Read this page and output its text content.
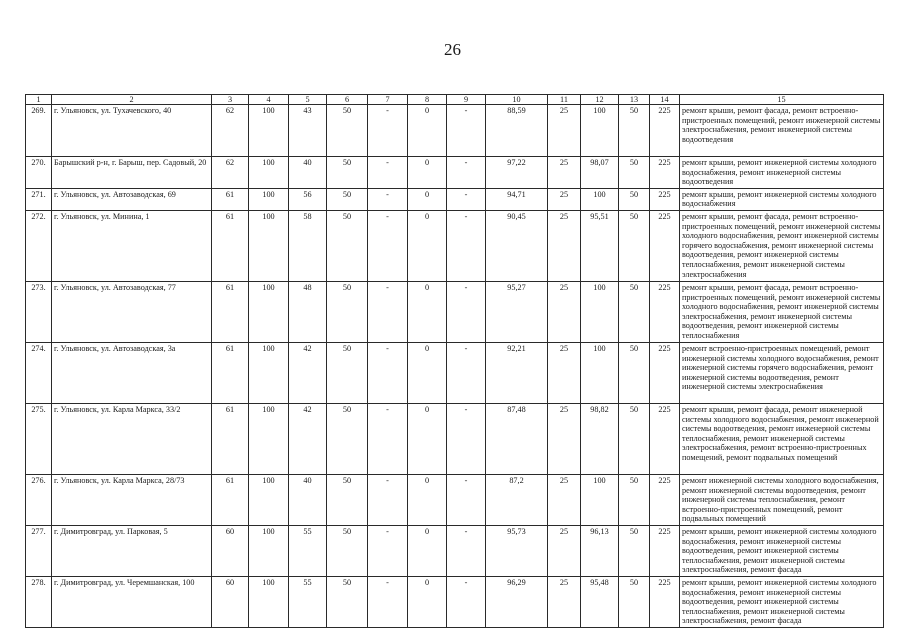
26
1	2	3	4	5	6	7	8	9	10	11	12	13	14	15
269.	г. Ульяновск, ул. Тухачевского, 40	62	100	43	50	-	0	-	88,59	25	100	50	225	ремонт крыши, ремонт фасада, ремонт встроенно-пристроенных помещений, ремонт инженерной системы электроснабжения, ремонт инженерной системы водоотведения
270.	Барышский р-н, г. Барыш, пер. Садовый, 20	62	100	40	50	-	0	-	97,22	25	98,07	50	225	ремонт крыши, ремонт инженерной системы холодного водоснабжения, ремонт инженерной системы водоотведения
271.	г. Ульяновск, ул. Автозаводская, 69	61	100	56	50	-	0	-	94,71	25	100	50	225	ремонт крыши, ремонт инженерной системы холодного водоснабжения
272.	г. Ульяновск, ул. Минина, 1	61	100	58	50	-	0	-	90,45	25	95,51	50	225	ремонт крыши, ремонт фасада, ремонт встроенно-пристроенных помещений, ремонт инженерной системы холодного водоснабжения, ремонт инженерной системы горячего водоснабжения, ремонт инженерной системы водоотведения, ремонт инженерной системы теплоснабжения, ремонт инженерной системы электроснабжения
273.	г. Ульяновск, ул. Автозаводская, 77	61	100	48	50	-	0	-	95,27	25	100	50	225	ремонт крыши, ремонт фасада, ремонт встроенно-пристроенных помещений, ремонт инженерной системы холодного водоснабжения, ремонт инженерной системы электроснабжения, ремонт инженерной системы водоотведения, ремонт инженерной системы теплоснабжения
274.	г. Ульяновск, ул. Автозаводская, 3а	61	100	42	50	-	0	-	92,21	25	100	50	225	ремонт встроенно-пристроенных помещений, ремонт инженерной системы холодного водоснабжения, ремонт инженерной системы горячего водоснабжения, ремонт инженерной системы водоотведения, ремонт инженерной системы электроснабжения
275.	г. Ульяновск, ул. Карла Маркса, 33/2	61	100	42	50	-	0	-	87,48	25	98,82	50	225	ремонт крыши, ремонт фасада, ремонт инженерной системы холодного водоснабжения, ремонт инженерной системы водоотведения, ремонт инженерной системы теплоснабжения, ремонт инженерной системы электроснабжения, ремонт встроенно-пристроенных помещений, ремонт подвальных помещений
276.	г. Ульяновск, ул. Карла Маркса, 28/73	61	100	40	50	-	0	-	87,2	25	100	50	225	ремонт инженерной системы холодного водоснабжения, ремонт инженерной системы водоотведения, ремонт инженерной системы теплоснабжения, ремонт встроенно-пристроенных помещений, ремонт подвальных помещений
277.	г. Димитровград, ул. Парковая, 5	60	100	55	50	-	0	-	95,73	25	96,13	50	225	ремонт крыши, ремонт инженерной системы холодного водоснабжения, ремонт инженерной системы водоотведения, ремонт инженерной системы теплоснабжения, ремонт инженерной системы электроснабжения, ремонт фасада
278.	г. Димитровград, ул. Черемшанская, 100	60	100	55	50	-	0	-	96,29	25	95,48	50	225	ремонт крыши, ремонт инженерной системы холодного водоснабжения, ремонт инженерной системы водоотведения, ремонт инженерной системы теплоснабжения, ремонт инженерной системы электроснабжения, ремонт фасада
